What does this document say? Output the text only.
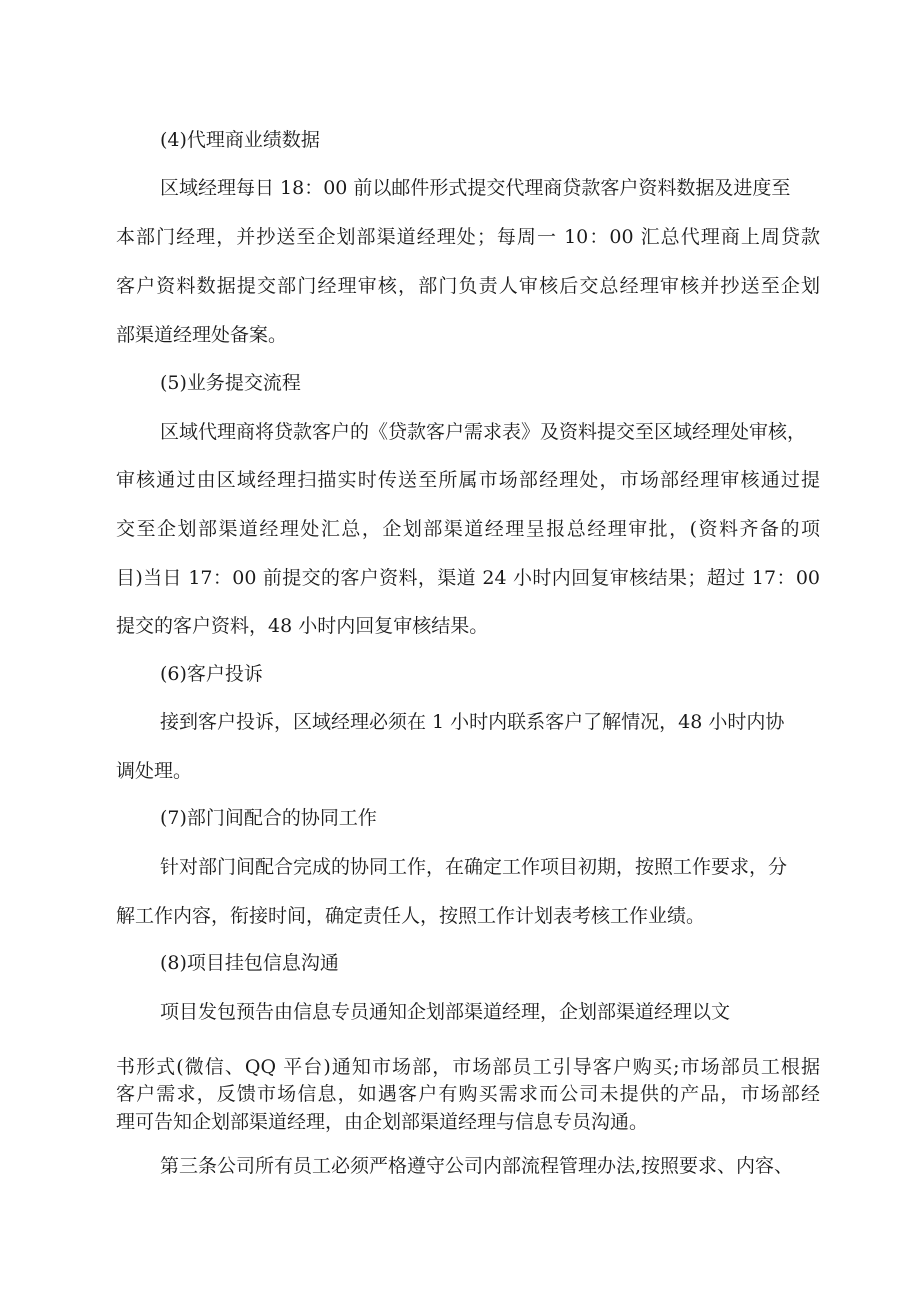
(4)代理商业绩数据

区域经理每日 18：00 前以邮件形式提交代理商贷款客户资料数据及进度至

本部门经理，并抄送至企划部渠道经理处；每周一 10：00 汇总代理商上周贷款

客户资料数据提交部门经理审核，部门负责人审核后交总经理审核并抄送至企划

部渠道经理处备案。

(5)业务提交流程

区域代理商将贷款客户的《贷款客户需求表》及资料提交至区域经理处审核，

审核通过由区域经理扫描实时传送至所属市场部经理处，市场部经理审核通过提

交至企划部渠道经理处汇总，企划部渠道经理呈报总经理审批，(资料齐备的项

目)当日 17：00 前提交的客户资料，渠道 24 小时内回复审核结果；超过 17：00

提交的客户资料，48 小时内回复审核结果。

(6)客户投诉

接到客户投诉，区域经理必须在 1 小时内联系客户了解情况，48 小时内协

调处理。

(7)部门间配合的协同工作

针对部门间配合完成的协同工作，在确定工作项目初期，按照工作要求，分

解工作内容，衔接时间，确定责任人，按照工作计划表考核工作业绩。

(8)项目挂包信息沟通

项目发包预告由信息专员通知企划部渠道经理，企划部渠道经理以文

书形式(微信、QQ 平台)通知市场部，市场部员工引导客户购买;市场部员工根据

客户需求，反馈市场信息，如遇客户有购买需求而公司未提供的产品，市场部经

理可告知企划部渠道经理，由企划部渠道经理与信息专员沟通。

第三条公司所有员工必须严格遵守公司内部流程管理办法,按照要求、内容、
